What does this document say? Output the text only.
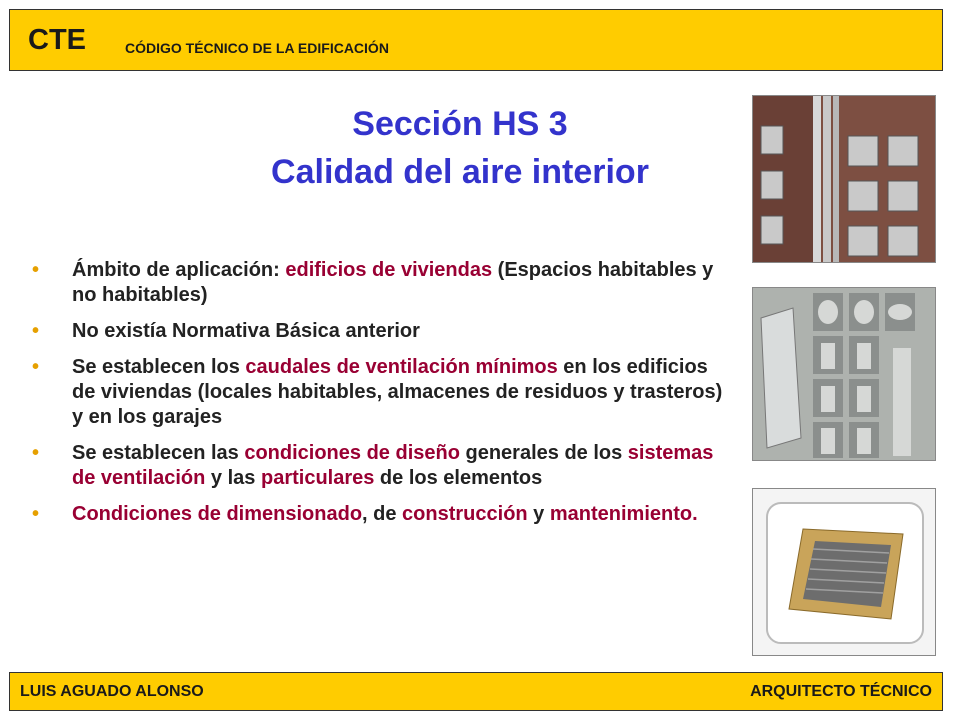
CTE	CÓDIGO TÉCNICO DE LA EDIFICACIÓN
Sección HS 3
Calidad del aire interior
• Ámbito de aplicación: edificios de viviendas (Espacios habitables y no habitables)
• No existía Normativa Básica anterior
• Se establecen los caudales de ventilación mínimos en los edificios de viviendas (locales habitables, almacenes de residuos y trasteros) y en los garajes
• Se establecen las condiciones de diseño generales de los sistemas de ventilación y las particulares de los elementos
• Condiciones de dimensionado, de construcción y mantenimiento.
LUIS AGUADO ALONSO	ARQUITECTO TÉCNICO
